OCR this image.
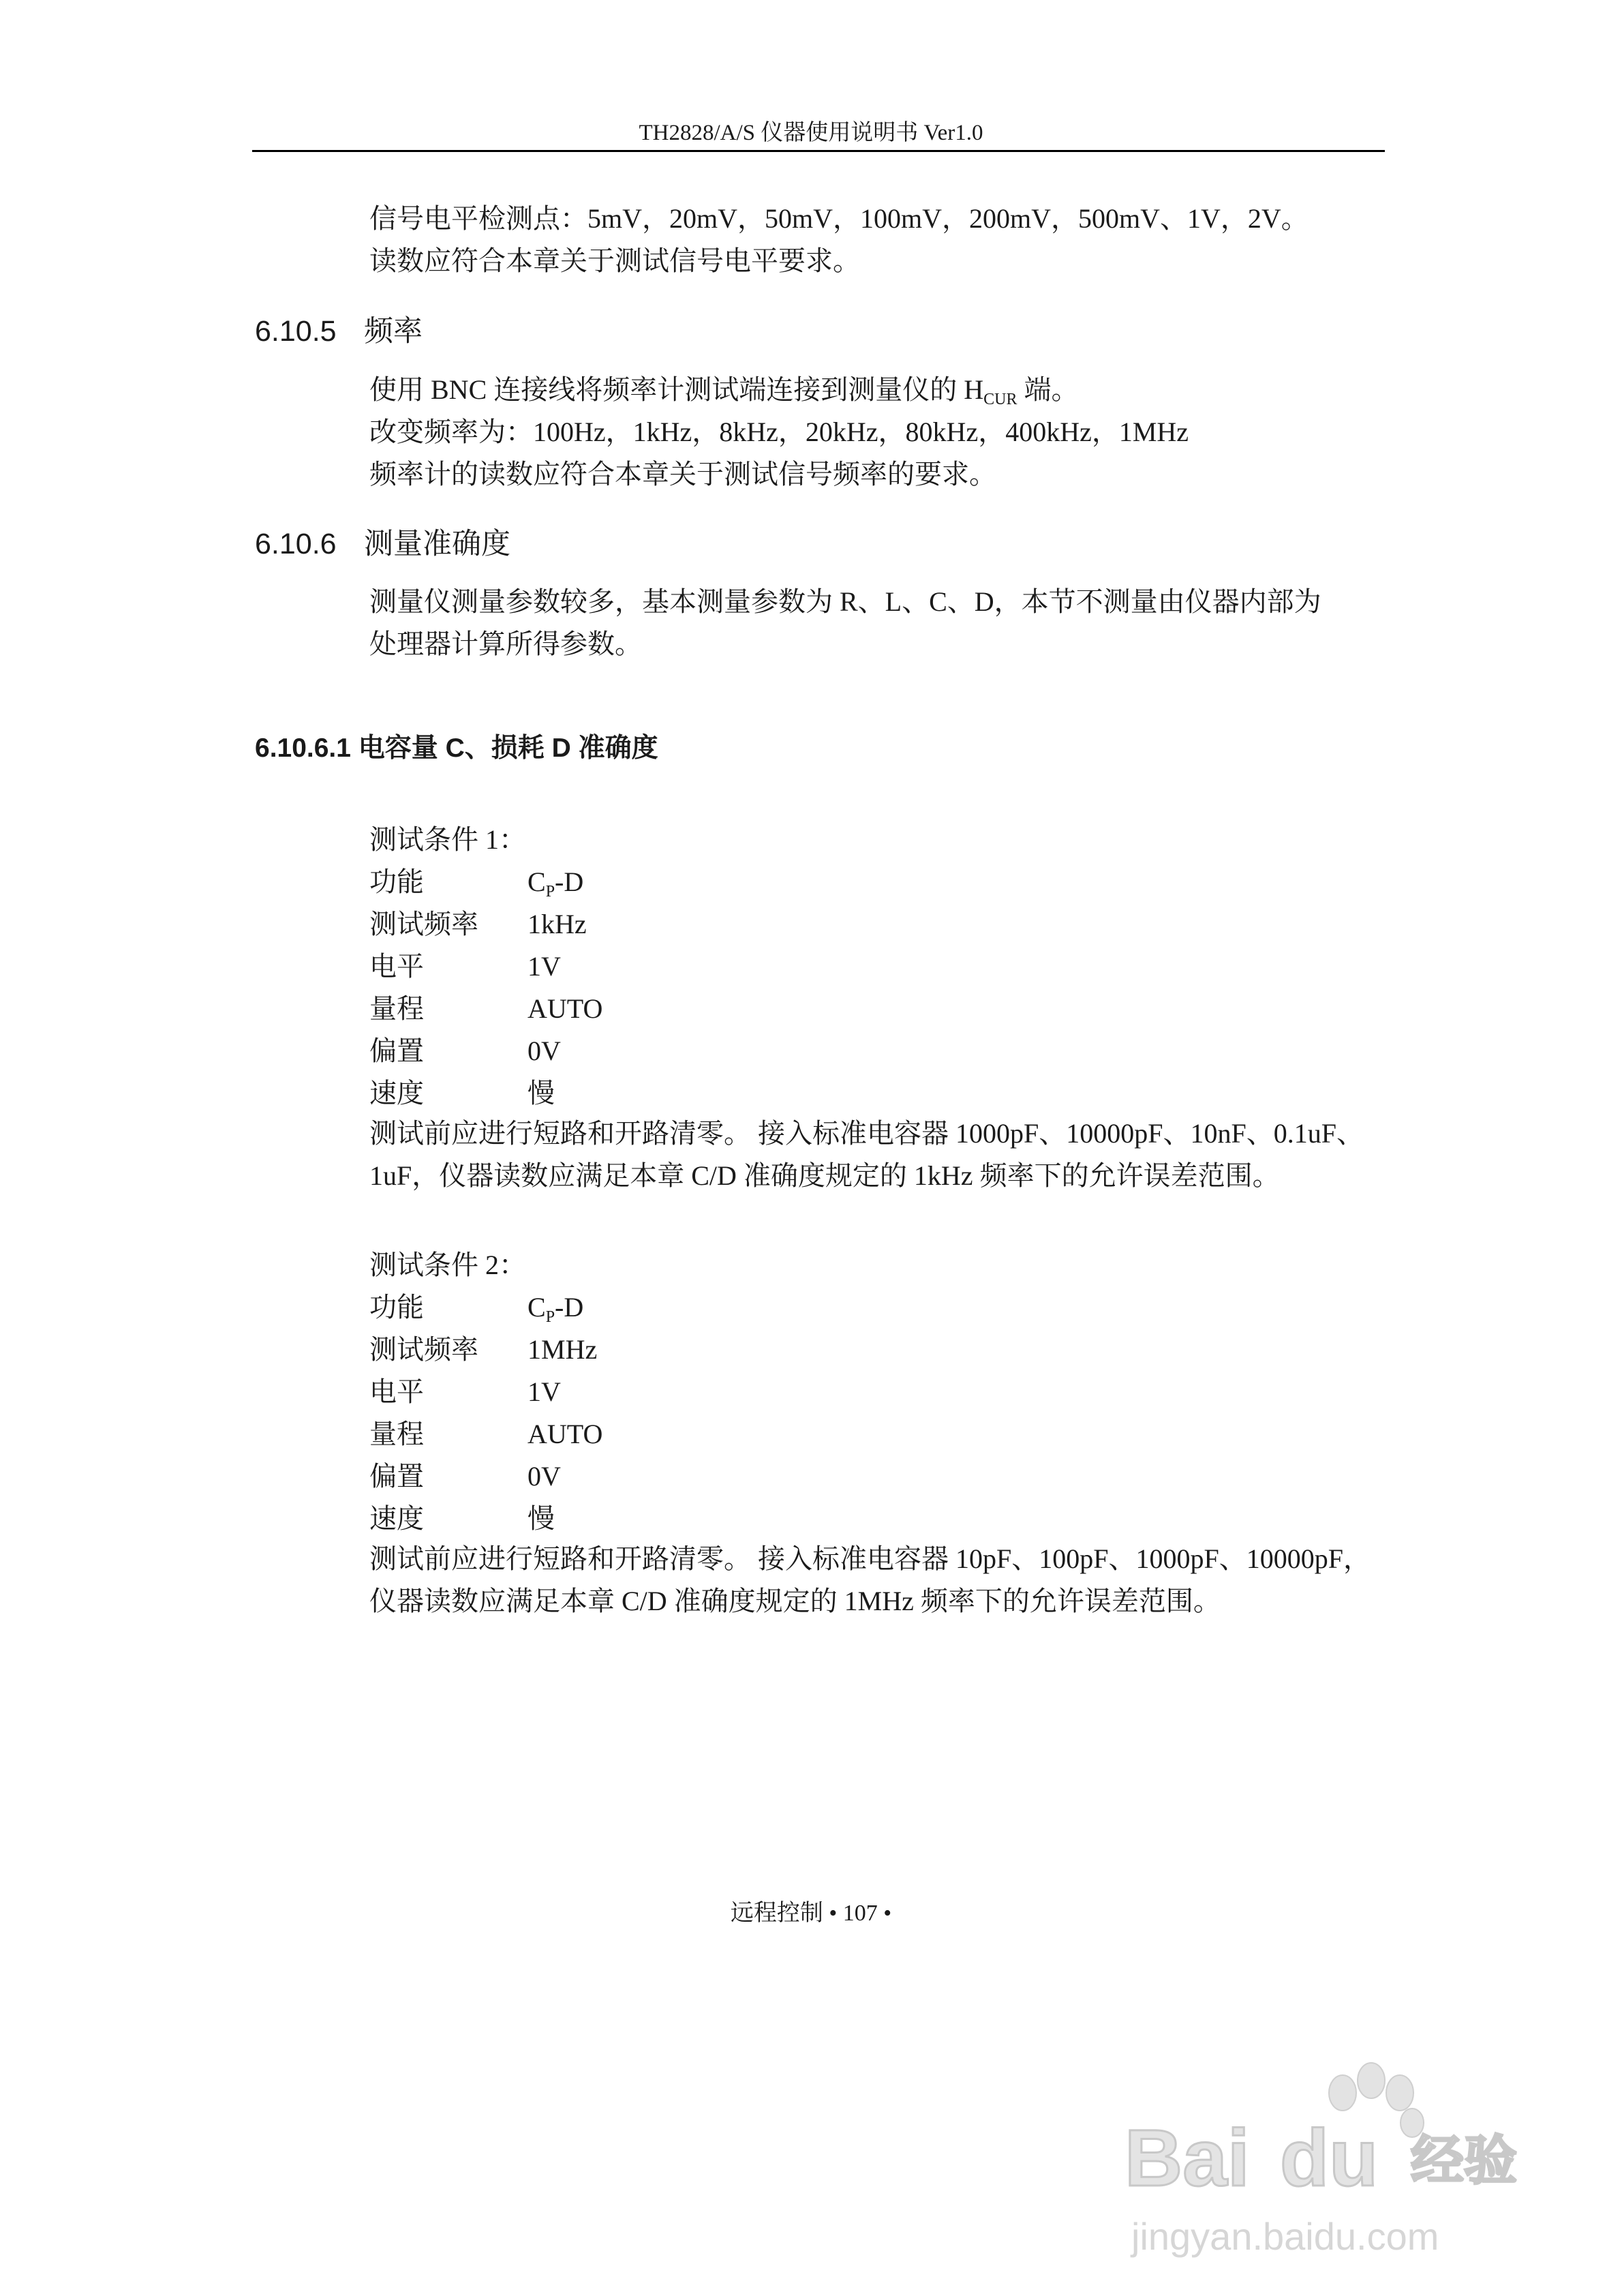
TH2828/A/S 仪器使用说明书 Ver1.0
信号电平检测点：5mV，20mV，50mV，100mV，200mV，500mV、1V，2V。
读数应符合本章关于测试信号电平要求。
6.10.5 频率
使用 BNC 连接线将频率计测试端连接到测量仪的 $H_{CUR}$ 端。
改变频率为：100Hz，1kHz，8kHz，20kHz，80kHz，400kHz，1MHz
频率计的读数应符合本章关于测试信号频率的要求。
6.10.6 测量准确度
测量仪测量参数较多，基本测量参数为 R、L、C、D，本节不测量由仪器内部为
处理器计算所得参数。
6.10.6.1 电容量 C、损耗 D 准确度
测试条件 1：
功能	$C_P-D$
测试频率 1kHz
电平	1V
量程	AUTO
偏置	0V
速度	慢
测试前应进行短路和开路清零。 接入标准电容器 1000pF、10000pF、10nF、0.1uF、
1uF，仪器读数应满足本章 C/D 准确度规定的 1kHz 频率下的允许误差范围。
测试条件 2：
功能	$C_P-D$
测试频率 1MHz
电平	1V
量程	AUTO
偏置	0V
速度	慢
测试前应进行短路和开路清零。 接入标准电容器 10pF、100pF、1000pF、10000pF，
仪器读数应满足本章 C/D 准确度规定的 1MHz 频率下的允许误差范围。
远程控制 • 107 •
Bai du 经验
jingyan.baidu.com
